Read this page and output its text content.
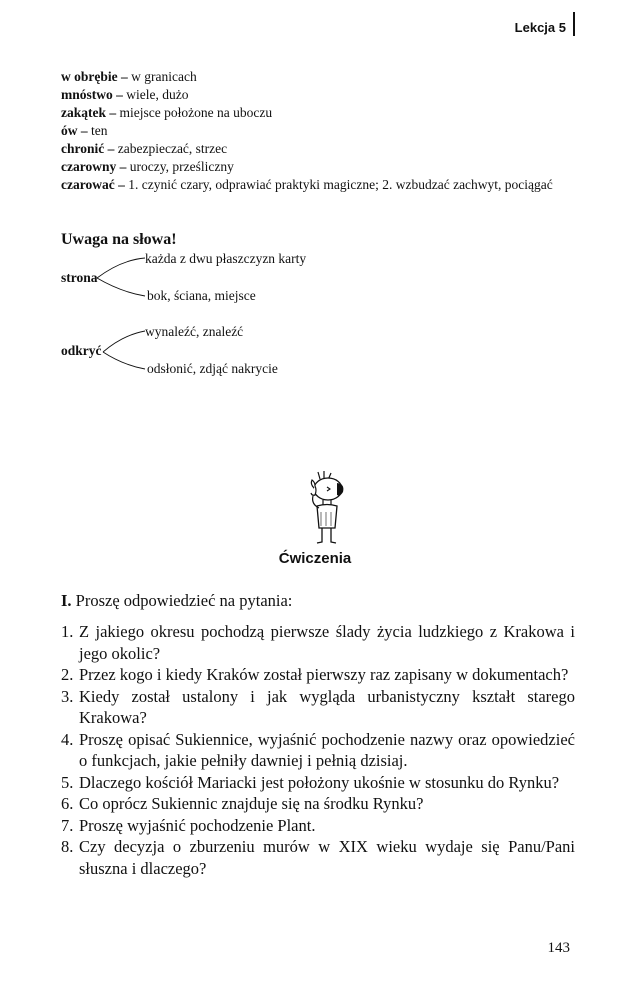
Lekcja 5

w obrębie – w granicach

mnóstwo – wiele, dużo

zakątek – miejsce położone na uboczu

ów – ten

chronić – zabezpieczać, strzec

czarowny – uroczy, prześliczny

czarować – 1. czynić czary, odprawiać praktyki magiczne; 2. wzbudzać zachwyt, pociągać

Uwaga na słowa!
strona
każda z dwu płaszczyzn karty
bok, ściana, miejsce
odkryć
wynaleźć, znaleźć
odsłonić, zdjąć nakrycie
Ćwiczenia
I. Proszę odpowiedzieć na pytania:
1. Z jakiego okresu pochodzą pierwsze ślady życia ludzkiego z Krakowa i jego okolic?
2. Przez kogo i kiedy Kraków został pierwszy raz zapisany w dokumentach?
3. Kiedy został ustalony i jak wygląda urbanistyczny kształt starego Krakowa?
4. Proszę opisać Sukiennice, wyjaśnić pochodzenie nazwy oraz opowiedzieć o funkcjach, jakie pełniły dawniej i pełnią dzisiaj.
5. Dlaczego kościół Mariacki jest położony ukośnie w stosunku do Rynku?
6. Co oprócz Sukiennic znajduje się na środku Rynku?
7. Proszę wyjaśnić pochodzenie Plant.
8. Czy decyzja o zburzeniu murów w XIX wieku wydaje się Panu/Pani słuszna i dlaczego?
143
